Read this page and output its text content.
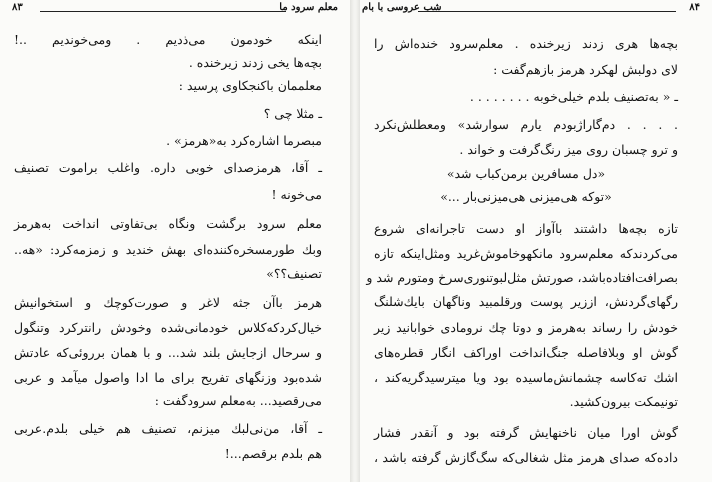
۸۳	معلم سرود ما
اینکه خودمون می‌ذدیم . ومی‌خوندیم ..!
بچه‌ها یخی زدند زیرخنده .
معلممان باکنجکاوی پرسید :
ـ مثلا چی ؟
مبصرما اشاره‌کرد به«هرمز» .
ـ آقا، هرمزصدای خوبی داره. واغلب براموت تصنیف
می‌خونه !
معلم سرود برگشت ونگاه بی‌تفاوتی انداخت به‌هرمز
وبك طورمسخره‌کننده‌ای بهش خندید و زمزمه‌کرد: «هه..
تصنیف؟؟»
هرمز باآن جثه لاغر و صورت‌کوچك و استخوانیش
خیال‌کرد‌که‌کلاس خودمانی‌شده وخودش رانترکرد وتنگول
و سرحال ازجایش بلند شد... و با همان برروئی‌که عادتش
شده‌بود وزنگهای تفریح برای ما ادا واصول میآمد و عربی
می‌رقصید... به‌معلم سرودگفت :
ـ آقا، من‌نی‌لبك میزنم، تصنیف هم خیلی بلدم.عربی
هم بلدم برقصم...!
شب عروسی با بام	۸۴
بچه‌ها هری زدند زیرخنده . معلم‌سرود خنده‌اش را
لای دولبش لهکرد هرمز بازهم‌گفت :
ـ « به‌تصنیف بلدم خیلی‌خوبه . . . . . . . .
. . . . دم‌گاراژبودم یارم سوارشد» ومعطلش‌نکرد
و ترو چسبان روی میز رنگ‌گرفت و خواند .
«دل مسافرین برمن‌کباب شد»
«توکه هی‌میزنی هی‌میزنی‌بار ...»
تازه بچه‌ها داشتند باآواز او دست تاجرانه‌ای شروع
می‌کردندکه معلم‌سرود مانکهوخاموش‌غرید ومثل‌اینکه تازه
بصرافت‌افتاده‌باشد، صورتش مثل‌لبوتنوری‌سرخ ومتورم شد و
رگهای‌گردنش، اززیر پوست ورقلمبید وناگهان بایك‌شلنگ
خودش را رساند به‌هرمز و دوتا چك نرومادی خوابانید زیر
گوش او وبلافاصله جنگ‌انداخت اوراکف انگار قطره‌های
اشك ته‌کاسه چشمانش‌ماسیده بود ویا میترسیدگریه‌کند ،
تونیمکت بیرون‌کشید.
گوش اورا میان ناخنهایش گرفته بود و آنقدر فشار
داده‌که صدای هرمز مثل شغالی‌که سگ‌گازش گرفته باشد ،
